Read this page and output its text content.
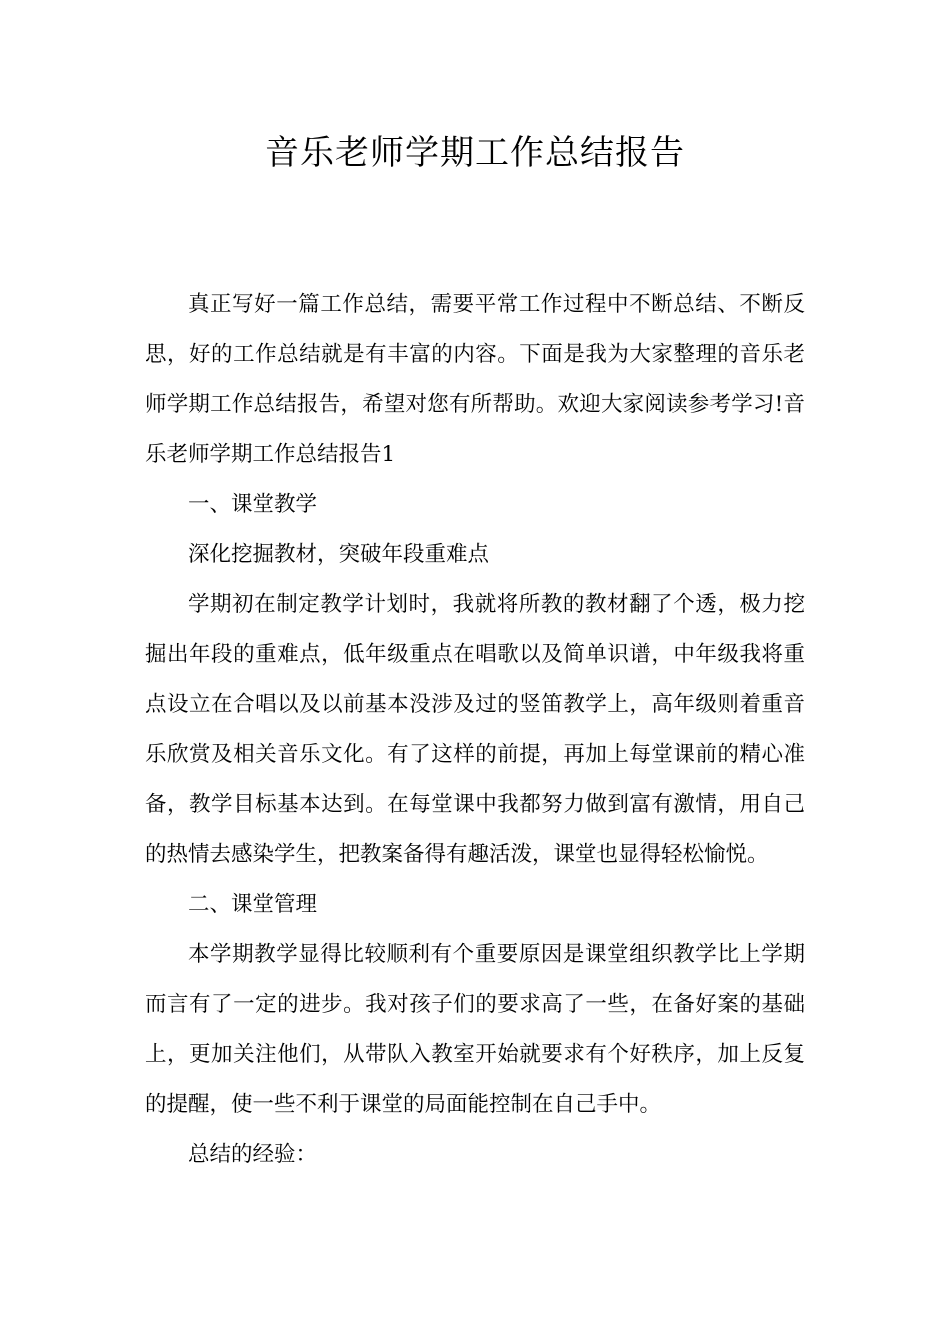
音乐老师学期工作总结报告

真正写好一篇工作总结，需要平常工作过程中不断总结、不断反思，好的工作总结就是有丰富的内容。下面是我为大家整理的音乐老师学期工作总结报告，希望对您有所帮助。欢迎大家阅读参考学习!音乐老师学期工作总结报告1

一、课堂教学

深化挖掘教材，突破年段重难点

学期初在制定教学计划时，我就将所教的教材翻了个透，极力挖掘出年段的重难点，低年级重点在唱歌以及简单识谱，中年级我将重点设立在合唱以及以前基本没涉及过的竖笛教学上，高年级则着重音乐欣赏及相关音乐文化。有了这样的前提，再加上每堂课前的精心准备，教学目标基本达到。在每堂课中我都努力做到富有激情，用自己的热情去感染学生，把教案备得有趣活泼，课堂也显得轻松愉悦。

二、课堂管理

本学期教学显得比较顺利有个重要原因是课堂组织教学比上学期而言有了一定的进步。我对孩子们的要求高了一些，在备好案的基础上，更加关注他们，从带队入教室开始就要求有个好秩序，加上反复的提醒，使一些不利于课堂的局面能控制在自己手中。

总结的经验：
